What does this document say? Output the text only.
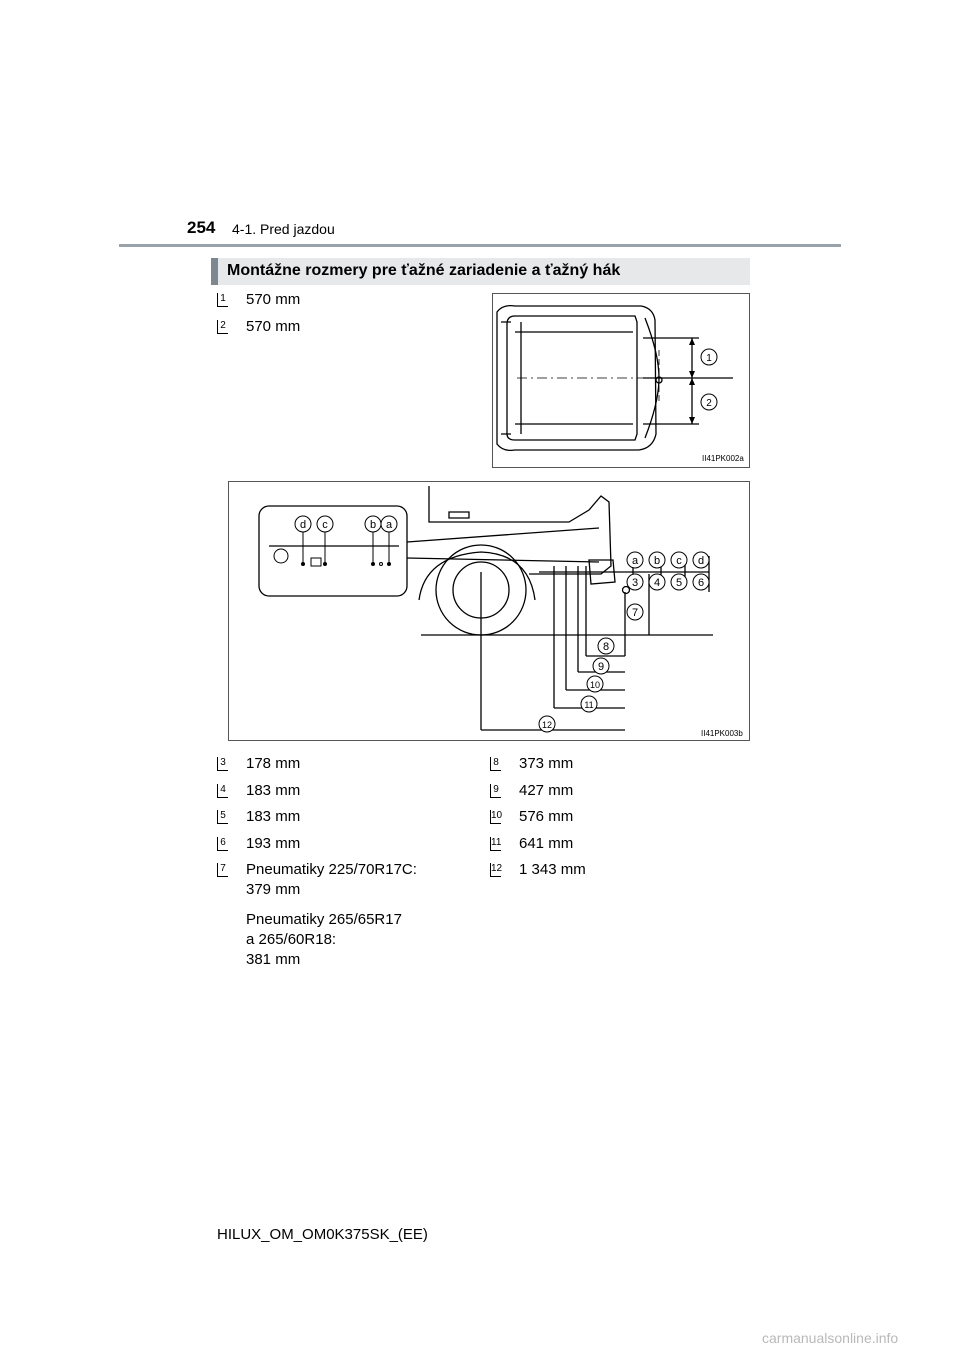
254 4-1. Pred jazdou
Montážne rozmery pre ťažné zariadenie a ťažný hák
1 570 mm
2 570 mm
1
2
II41PK002a
d c	b a
a b c d
3 4 5 6
7
8
9
10
11
12
II41PK003b
3 178 mm
4 183 mm
5 183 mm
6 193 mm
7 Pneumatiky 225/70R17C:
379 mm
Pneumatiky 265/65R17
a 265/60R18:
381 mm
8 373 mm
9 427 mm
10 576 mm
11 641 mm
12 1 343 mm
HILUX_OM_OM0K375SK_(EE)
carmanualsonline.info
